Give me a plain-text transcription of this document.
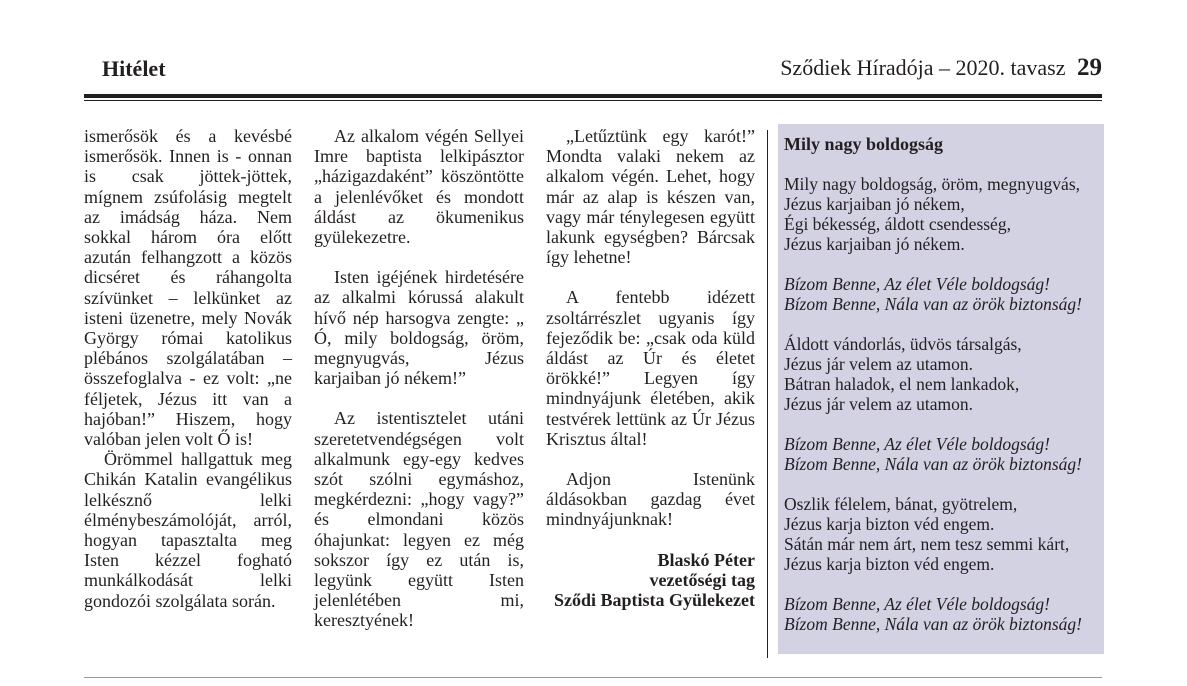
Hitélet	Sződiek Híradója – 2020. tavasz 29

ismerősök és a kevésbé ismerősök. Innen is - onnan is csak jöttek-jöttek, mígnem zsúfolásig megtelt az imádság háza. Nem sokkal három óra előtt azután felhangzott a közös dicséret és ráhangolta szívünket – lelkünket az isteni üzenetre, mely Novák György római katolikus plébános szolgálatában – összefoglalva - ez volt: „ne féljetek, Jézus itt van a hajóban!” Hiszem, hogy valóban jelen volt Ő is!

Örömmel hallgattuk meg Chikán Katalin evangélikus lelkésznő lelki élménybeszámolóját, arról, hogyan tapasztalta meg Isten kézzel fogható munkálkodását lelki gondozói szolgálata során.

Az alkalom végén Sellyei Imre baptista lelkipásztor „házigazdaként” köszöntötte a jelenlévőket és mondott áldást az ökumenikus gyülekezetre.

Isten igéjének hirdetésére az alkalmi kórussá alakult hívő nép harsogva zengte: „ Ó, mily boldogság, öröm, megnyugvás, Jézus karjaiban jó nékem!”

Az istentisztelet utáni szeretetvendégségen volt alkalmunk egy-egy kedves szót szólni egymáshoz, megkérdezni: „hogy vagy?” és elmondani közös óhajunkat: legyen ez még sokszor így ez után is, legyünk együtt Isten jelenlétében mi, keresztyének!

„Letűztünk egy karót!” Mondta valaki nekem az alkalom végén. Lehet, hogy már az alap is készen van, vagy már ténylegesen együtt lakunk egységben? Bárcsak így lehetne!

A fentebb idézett zsoltárrészlet ugyanis így fejeződik be: „csak oda küld áldást az Úr és életet örökké!” Legyen így mindnyájunk életében, akik testvérek lettünk az Úr Jézus Krisztus által!

Adjon Istenünk áldásokban gazdag évet mindnyájunknak!

Blaskó Péter
vezetőségi tag
Sződi Baptista Gyülekezet
Mily nagy boldogság
Mily nagy boldogság, öröm, megnyugvás,
Jézus karjaiban jó nékem,
Égi békesség, áldott csendesség,
Jézus karjaiban jó nékem.
Bízom Benne, Az élet Véle boldogság!
Bízom Benne, Nála van az örök biztonság!
Áldott vándorlás, üdvös társalgás,
Jézus jár velem az utamon.
Bátran haladok, el nem lankadok,
Jézus jár velem az utamon.
Bízom Benne, Az élet Véle boldogság!
Bízom Benne, Nála van az örök biztonság!
Oszlik félelem, bánat, gyötrelem,
Jézus karja bizton véd engem.
Sátán már nem árt, nem tesz semmi kárt,
Jézus karja bizton véd engem.
Bízom Benne, Az élet Véle boldogság!
Bízom Benne, Nála van az örök biztonság!
